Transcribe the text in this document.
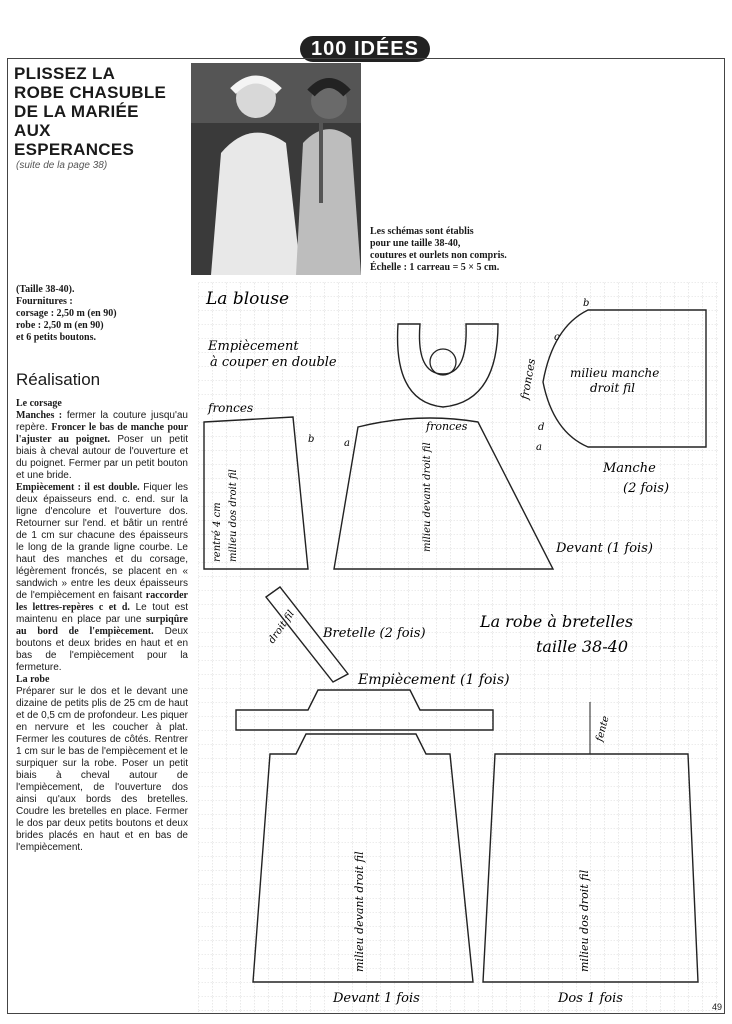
100 IDÉES
PLISSEZ LA
ROBE CHASUBLE
DE LA MARIÉE
AUX
ESPERANCES
(suite de la page 38)
Les schémas sont établis
pour une taille 38-40,
coutures et ourlets non compris.
Échelle : 1 carreau = 5 × 5 cm.
(Taille 38-40).
Fournitures :
corsage : 2,50 m (en 90)
robe : 2,50 m (en 90)
et 6 petits boutons.
Réalisation

Le corsage

Manches : fermer la couture jusqu'au repère. Froncer le bas de manche pour l'ajuster au poignet. Poser un petit biais à cheval autour de l'ouverture et du poignet. Fermer par un petit bouton et une bride.

Empiècement : il est double. Fiquer les deux épaisseurs end. c. end. sur la ligne d'encolure et l'ouverture dos. Retourner sur l'end. et bâtir un rentré de 1 cm sur chacune des épaisseurs le long de la grande ligne courbe. Le haut des manches et du corsage, légèrement froncés, se placent en « sandwich » entre les deux épaisseurs de l'empiècement en faisant raccorder les lettres-repères c et d. Le tout est maintenu en place par une surpiqûre au bord de l'empiècement. Deux boutons et deux brides en haut et en bas de l'empiècement pour la fermeture.

La robe

Préparer sur le dos et le devant une dizaine de petits plis de 25 cm de haut et de 0,5 cm de profondeur. Les piquer en nervure et les coucher à plat. Fermer les coutures de côtés. Rentrer 1 cm sur le bas de l'empiècement et le surpiquer sur la robe. Poser un petit biais à cheval autour de l'empiècement, de l'ouverture dos ainsi qu'aux bords des bretelles. Coudre les bretelles en place. Fermer le dos par deux petits boutons et deux brides placés en haut et en bas de l'empiècement.

La blouse
Empiècement
à couper en double
milieu manche
droit fil
Manche
(2 fois)
fronces
c
b
d
fronces
rentré 4 cm milieu dos droit fil
b
fronces
milieu devant droit fil
a	a
Devant (1 fois)
La robe à bretelles
taille 38-40
droit fil Bretelle (2 fois)
Empiècement (1 fois)
milieu devant droit fil
Devant 1 fois
fente
milieu dos droit fil
Dos 1 fois
49
